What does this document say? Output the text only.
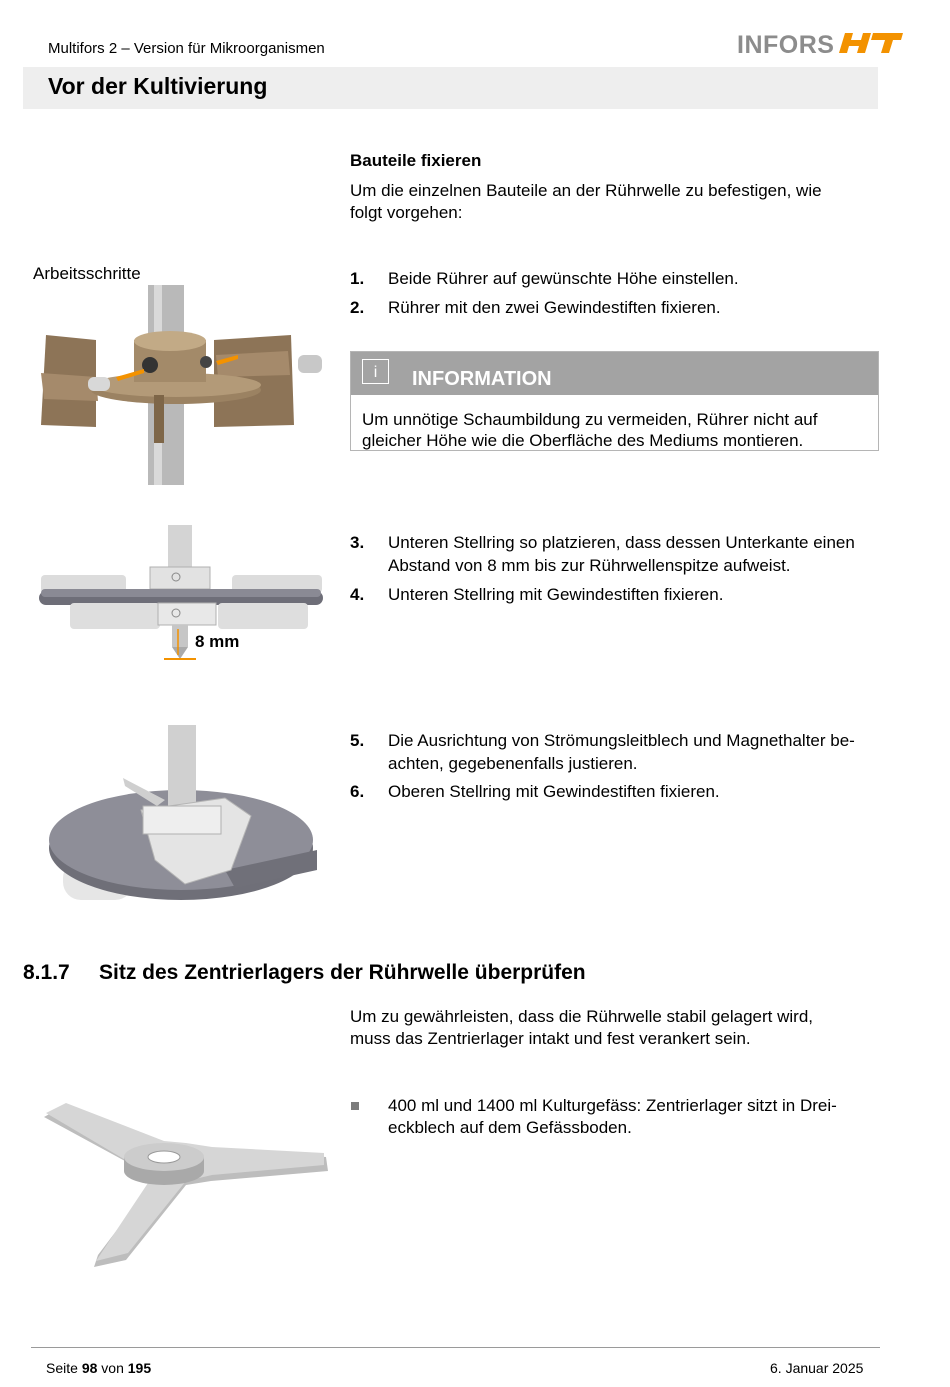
Multifors 2 – Version für Mikroorganismen	INFORS
Vor der Kultivierung
Bauteile fixieren
Um die einzelnen Bauteile an der Rührwelle zu befestigen, wie
folgt vorgehen:
Arbeitsschritte	1. Beide Rührer auf gewünschte Höhe einstellen.
2. Rührer mit den zwei Gewindestiften fixieren.
i	INFORMATION
Um unnötige Schaumbildung zu vermeiden, Rührer nicht auf
gleicher Höhe wie die Oberfläche des Mediums montieren.
3. Unteren Stellring so platzieren, dass dessen Unterkante einen
Abstand von 8 mm bis zur Rührwellenspitze aufweist.
4. Unteren Stellring mit Gewindestiften fixieren.
8 mm
5. Die Ausrichtung von Strömungsleitblech und Magnethalter be-
achten, gegebenenfalls justieren.
6. Oberen Stellring mit Gewindestiften fixieren.
8.1.7 Sitz des Zentrierlagers der Rührwelle überprüfen
Um zu gewährleisten, dass die Rührwelle stabil gelagert wird,
muss das Zentrierlager intakt und fest verankert sein.
400 ml und 1400 ml Kulturgefäss: Zentrierlager sitzt in Drei-
eckblech auf dem Gefässboden.
Seite 98 von 195	6. Januar 2025
